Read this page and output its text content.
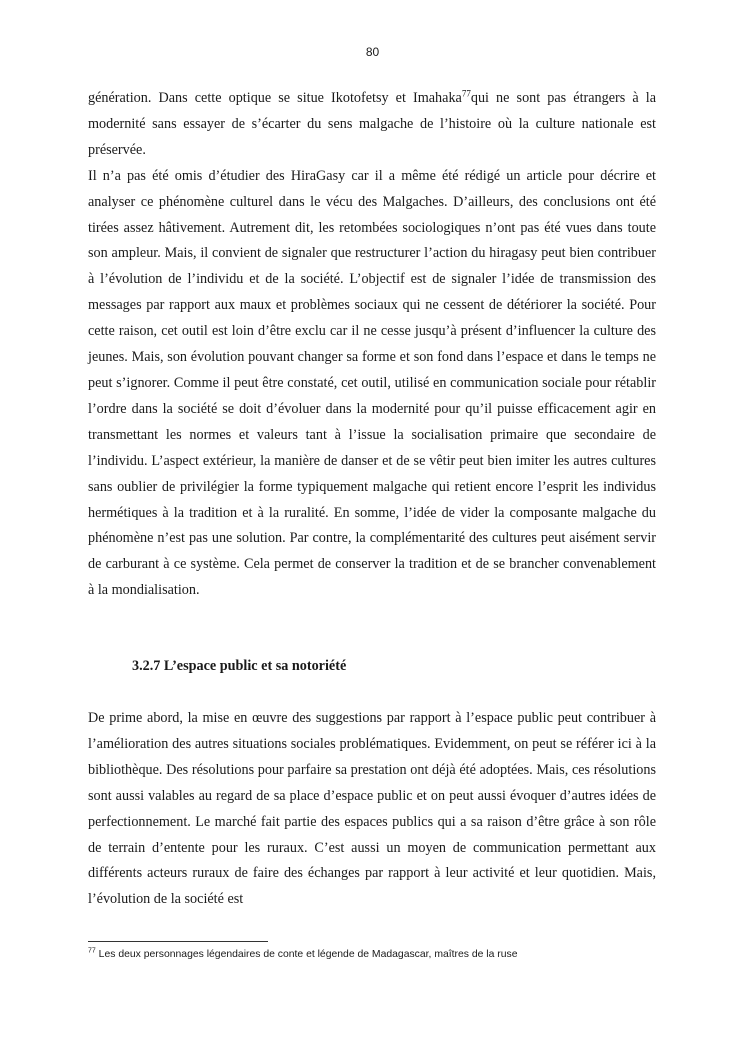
80

génération. Dans cette optique se situe Ikotofetsy et Imahaka$^{77}$qui ne sont pas étrangers à la modernité sans essayer de s’écarter du sens malgache de l’histoire où la culture nationale est préservée.

Il n’a pas été omis d’étudier des HiraGasy car il a même été rédigé un article pour décrire et analyser ce phénomène culturel dans le vécu des Malgaches. D’ailleurs, des conclusions ont été tirées assez hâtivement. Autrement dit, les retombées sociologiques n’ont pas été vues dans toute son ampleur. Mais, il convient de signaler que restructurer l’action du hiragasy peut bien contribuer à l’évolution de l’individu et de la société. L’objectif est de signaler l’idée de transmission des messages par rapport aux maux et problèmes sociaux qui ne cessent de détériorer la société. Pour cette raison, cet outil est loin d’être exclu car il ne cesse jusqu’à présent d’influencer la culture des jeunes. Mais, son évolution pouvant changer sa forme et son fond dans l’espace et dans le temps ne peut s’ignorer. Comme il peut être constaté, cet outil, utilisé en communication sociale pour rétablir l’ordre dans la société se doit d’évoluer dans la modernité pour qu’il puisse efficacement agir en transmettant les normes et valeurs tant à l’issue la socialisation primaire que secondaire de l’individu. L’aspect extérieur, la manière de danser et de se vêtir peut bien imiter les autres cultures sans oublier de privilégier la forme typiquement malgache qui retient encore l’esprit les individus hermétiques à la tradition et à la ruralité. En somme, l’idée de vider la composante malgache du phénomène n’est pas une solution. Par contre, la complémentarité des cultures peut aisément servir de carburant à ce système. Cela permet de conserver la tradition et de se brancher convenablement à la mondialisation.

3.2.7 L’espace public et sa notoriété

De prime abord, la mise en œuvre des suggestions par rapport à l’espace public peut contribuer à l’amélioration des autres situations sociales problématiques. Evidemment, on peut se référer ici à la bibliothèque. Des résolutions pour parfaire sa prestation ont déjà été adoptées. Mais, ces résolutions sont aussi valables au regard de sa place d’espace public et on peut aussi évoquer d’autres idées de perfectionnement. Le marché fait partie des espaces publics qui a sa raison d’être grâce à son rôle de terrain d’entente pour les ruraux. C’est aussi un moyen de communication permettant aux différents acteurs ruraux de faire des échanges par rapport à leur activité et leur quotidien. Mais, l’évolution de la société est

$^{77}$ Les deux personnages légendaires de conte et légende de Madagascar, maîtres de la ruse
